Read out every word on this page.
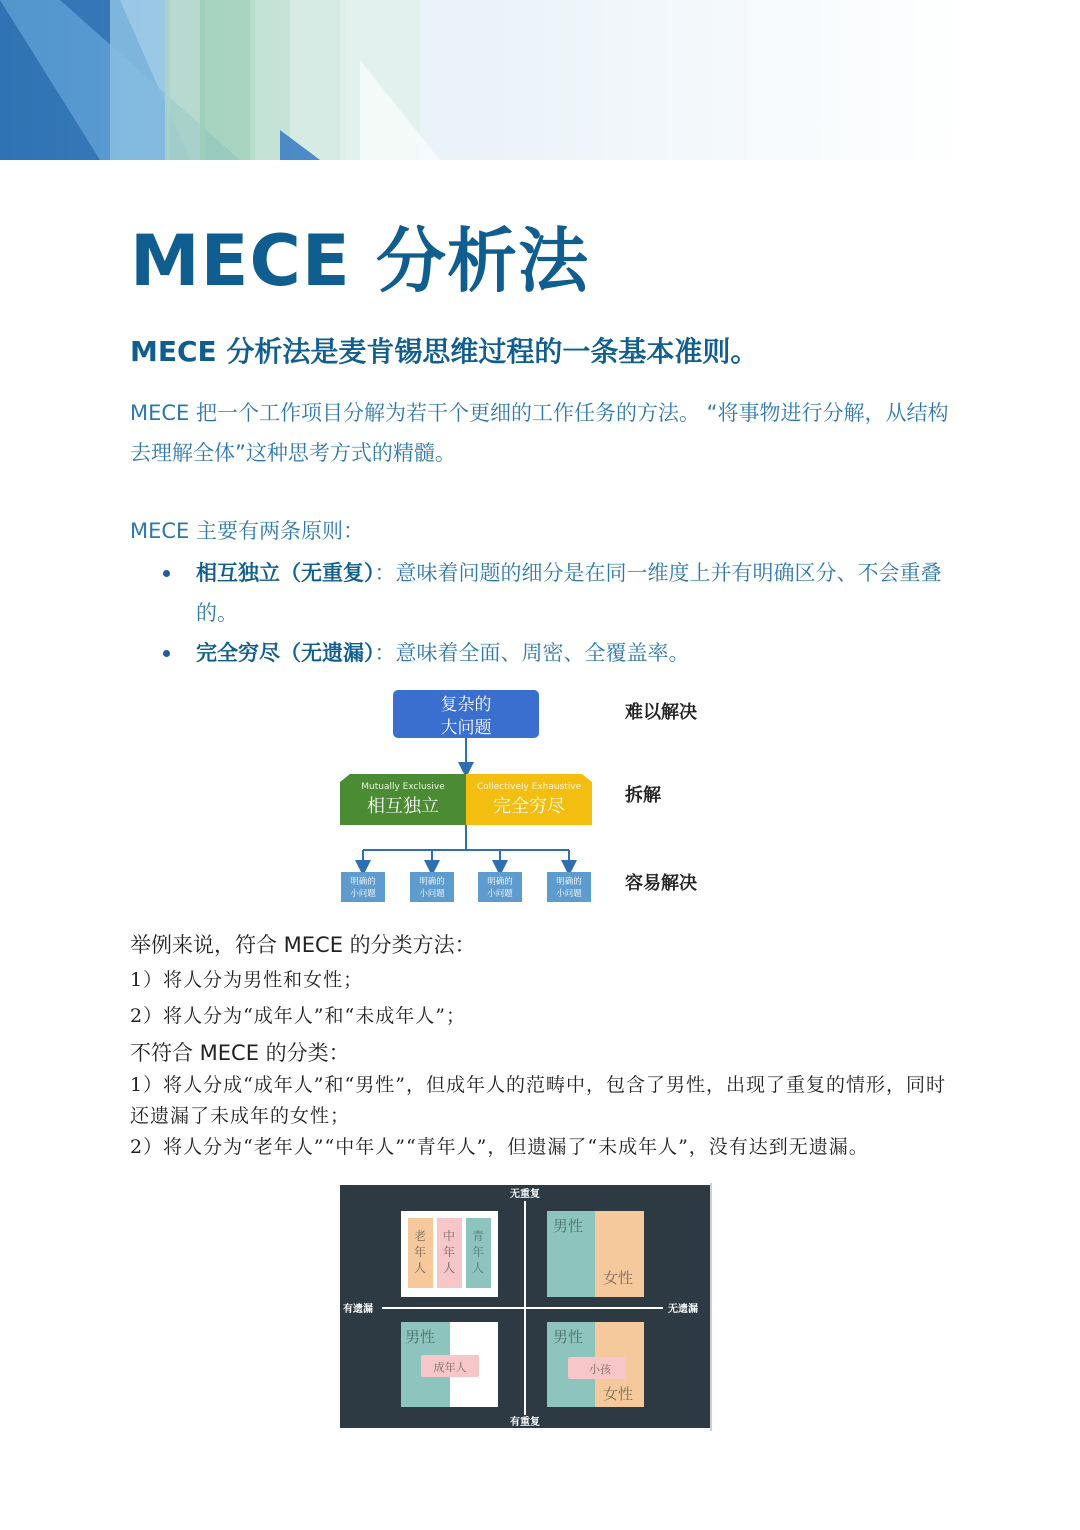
MECE 分析法
MECE 分析法是麦肯锡思维过程的一条基本准则。

MECE 把一个工作项目分解为若干个更细的工作任务的方法。 “将事物进行分解，从结构去理解全体”这种思考方式的精髓。

MECE 主要有两条原则：

相互独立（无重复）：意味着问题的细分是在同一维度上并有明确区分、不会重叠的。
完全穷尽（无遗漏）：意味着全面、周密、全覆盖率。
复杂的
大问题
Mutually Exclusive
相互独立
Collectively Exhaustive
完全穷尽
明确的
小问题
明确的
小问题
明确的
小问题
明确的
小问题
难以解决
拆解
容易解决
举例来说，符合 MECE 的分类方法：
1）将人分为男性和女性；
2）将人分为“成年人”和“未成年人”；
不符合 MECE 的分类：
1）将人分成“成年人”和“男性”，但成年人的范畴中，包含了男性，出现了重复的情形，同时还遗漏了未成年的女性；
2）将人分为“老年人”“中年人”“青年人”，但遗漏了“未成年人”，没有达到无遗漏。
无重复
有重复
有遗漏	无遗漏
老
年
人
中
年
人
青
年
人
男性
女性
男性
成年人
男性
小孩
女性
